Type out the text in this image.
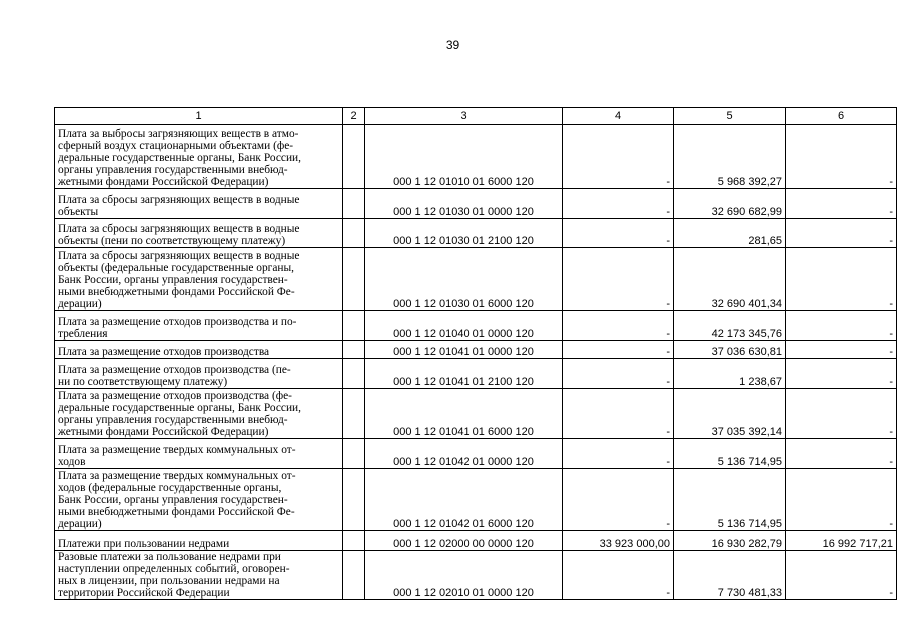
39
1	2	3	4	5	6
Плата за выбросы загрязняющих веществ в атмо-
сферный воздух стационарными объектами (фе-
деральные государственные органы, Банк России,
органы управления государственными внебюд-
жетными фондами Российской Федерации)		000 1 12 01010 01 6000 120	-	5 968 392,27	-
Плата за сбросы загрязняющих веществ в водные
объекты		000 1 12 01030 01 0000 120	-	32 690 682,99	-
Плата за сбросы загрязняющих веществ в водные
объекты (пени по соответствующему платежу)		000 1 12 01030 01 2100 120	-	281,65	-
Плата за сбросы загрязняющих веществ в водные
объекты (федеральные государственные органы,
Банк России, органы управления государствен-
ными внебюджетными фондами Российской Фе-
дерации)		000 1 12 01030 01 6000 120	-	32 690 401,34	-
Плата за размещение отходов производства и по-
требления		000 1 12 01040 01 0000 120	-	42 173 345,76	-
Плата за размещение отходов производства		000 1 12 01041 01 0000 120	-	37 036 630,81	-
Плата за размещение отходов производства (пе-
ни по соответствующему платежу)		000 1 12 01041 01 2100 120	-	1 238,67	-
Плата за размещение отходов производства (фе-
деральные государственные органы, Банк России,
органы управления государственными внебюд-
жетными фондами Российской Федерации)		000 1 12 01041 01 6000 120	-	37 035 392,14	-
Плата за размещение твердых коммунальных от-
ходов		000 1 12 01042 01 0000 120	-	5 136 714,95	-
Плата за размещение твердых коммунальных от-
ходов (федеральные государственные органы,
Банк России, органы управления государствен-
ными внебюджетными фондами Российской Фе-
дерации)		000 1 12 01042 01 6000 120	-	5 136 714,95	-
Платежи при пользовании недрами		000 1 12 02000 00 0000 120	33 923 000,00	16 930 282,79	16 992 717,21
Разовые платежи за пользование недрами при
наступлении определенных событий, оговорен-
ных в лицензии, при пользовании недрами на
территории Российской Федерации		000 1 12 02010 01 0000 120	-	7 730 481,33	-
